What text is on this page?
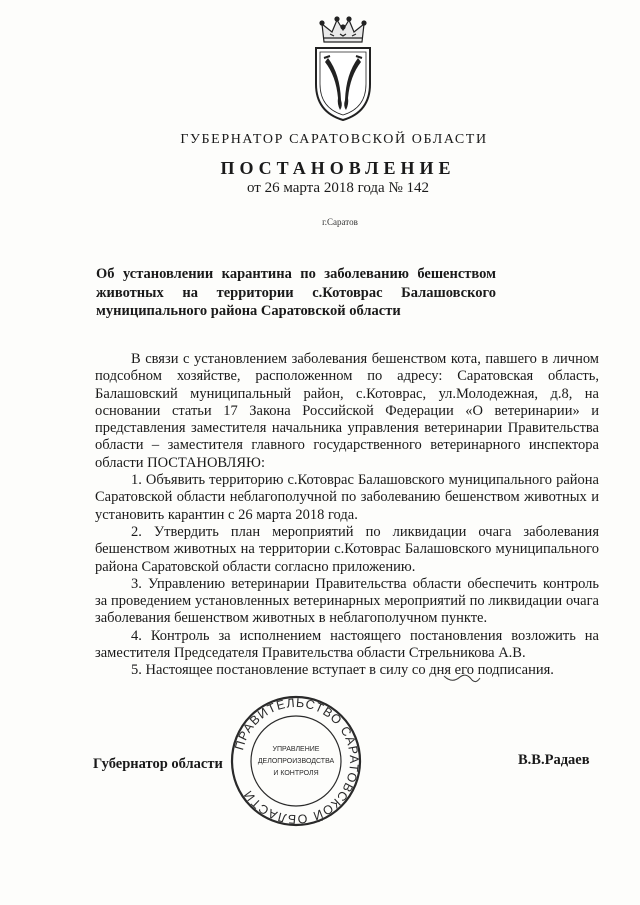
ГУБЕРНАТОР САРАТОВСКОЙ ОБЛАСТИ
ПОСТАНОВЛЕНИЕ
от 26 марта 2018 года № 142
г.Саратов
Об установлении карантина по заболеванию бешенством животных на территории с.Котоврас Балашовского муниципального района Саратовской области

В связи с установлением заболевания бешенством кота, павшего в личном подсобном хозяйстве, расположенном по адресу: Саратовская область, Балашовский муниципальный район, с.Котоврас, ул.Молодежная, д.8, на основании статьи 17 Закона Российской Федерации «О ветеринарии» и представления заместителя начальника управления ветеринарии Правительства области – заместителя главного государственного ветеринарного инспектора области ПОСТАНОВЛЯЮ:

1. Объявить территорию с.Котоврас Балашовского муниципального района Саратовской области неблагополучной по заболеванию бешенством животных и установить карантин с 26 марта 2018 года.

2. Утвердить план мероприятий по ликвидации очага заболевания бешенством животных на территории с.Котоврас Балашовского муниципального района Саратовской области согласно приложению.

3. Управлению ветеринарии Правительства области обеспечить контроль за проведением установленных ветеринарных мероприятий по ликвидации очага заболевания бешенством животных в неблагополучном пункте.

4. Контроль за исполнением настоящего постановления возложить на заместителя Председателя Правительства области Стрельникова А.В.

5. Настоящее постановление вступает в силу со дня его подписания.

Губернатор области	В.В.Радаев
ПРАВИТЕЛЬСТВО САРАТОВСКОЙ ОБЛАСТИ
УПРАВЛЕНИЕ
ДЕЛОПРОИЗВОДСТВА
И КОНТРОЛЯ
